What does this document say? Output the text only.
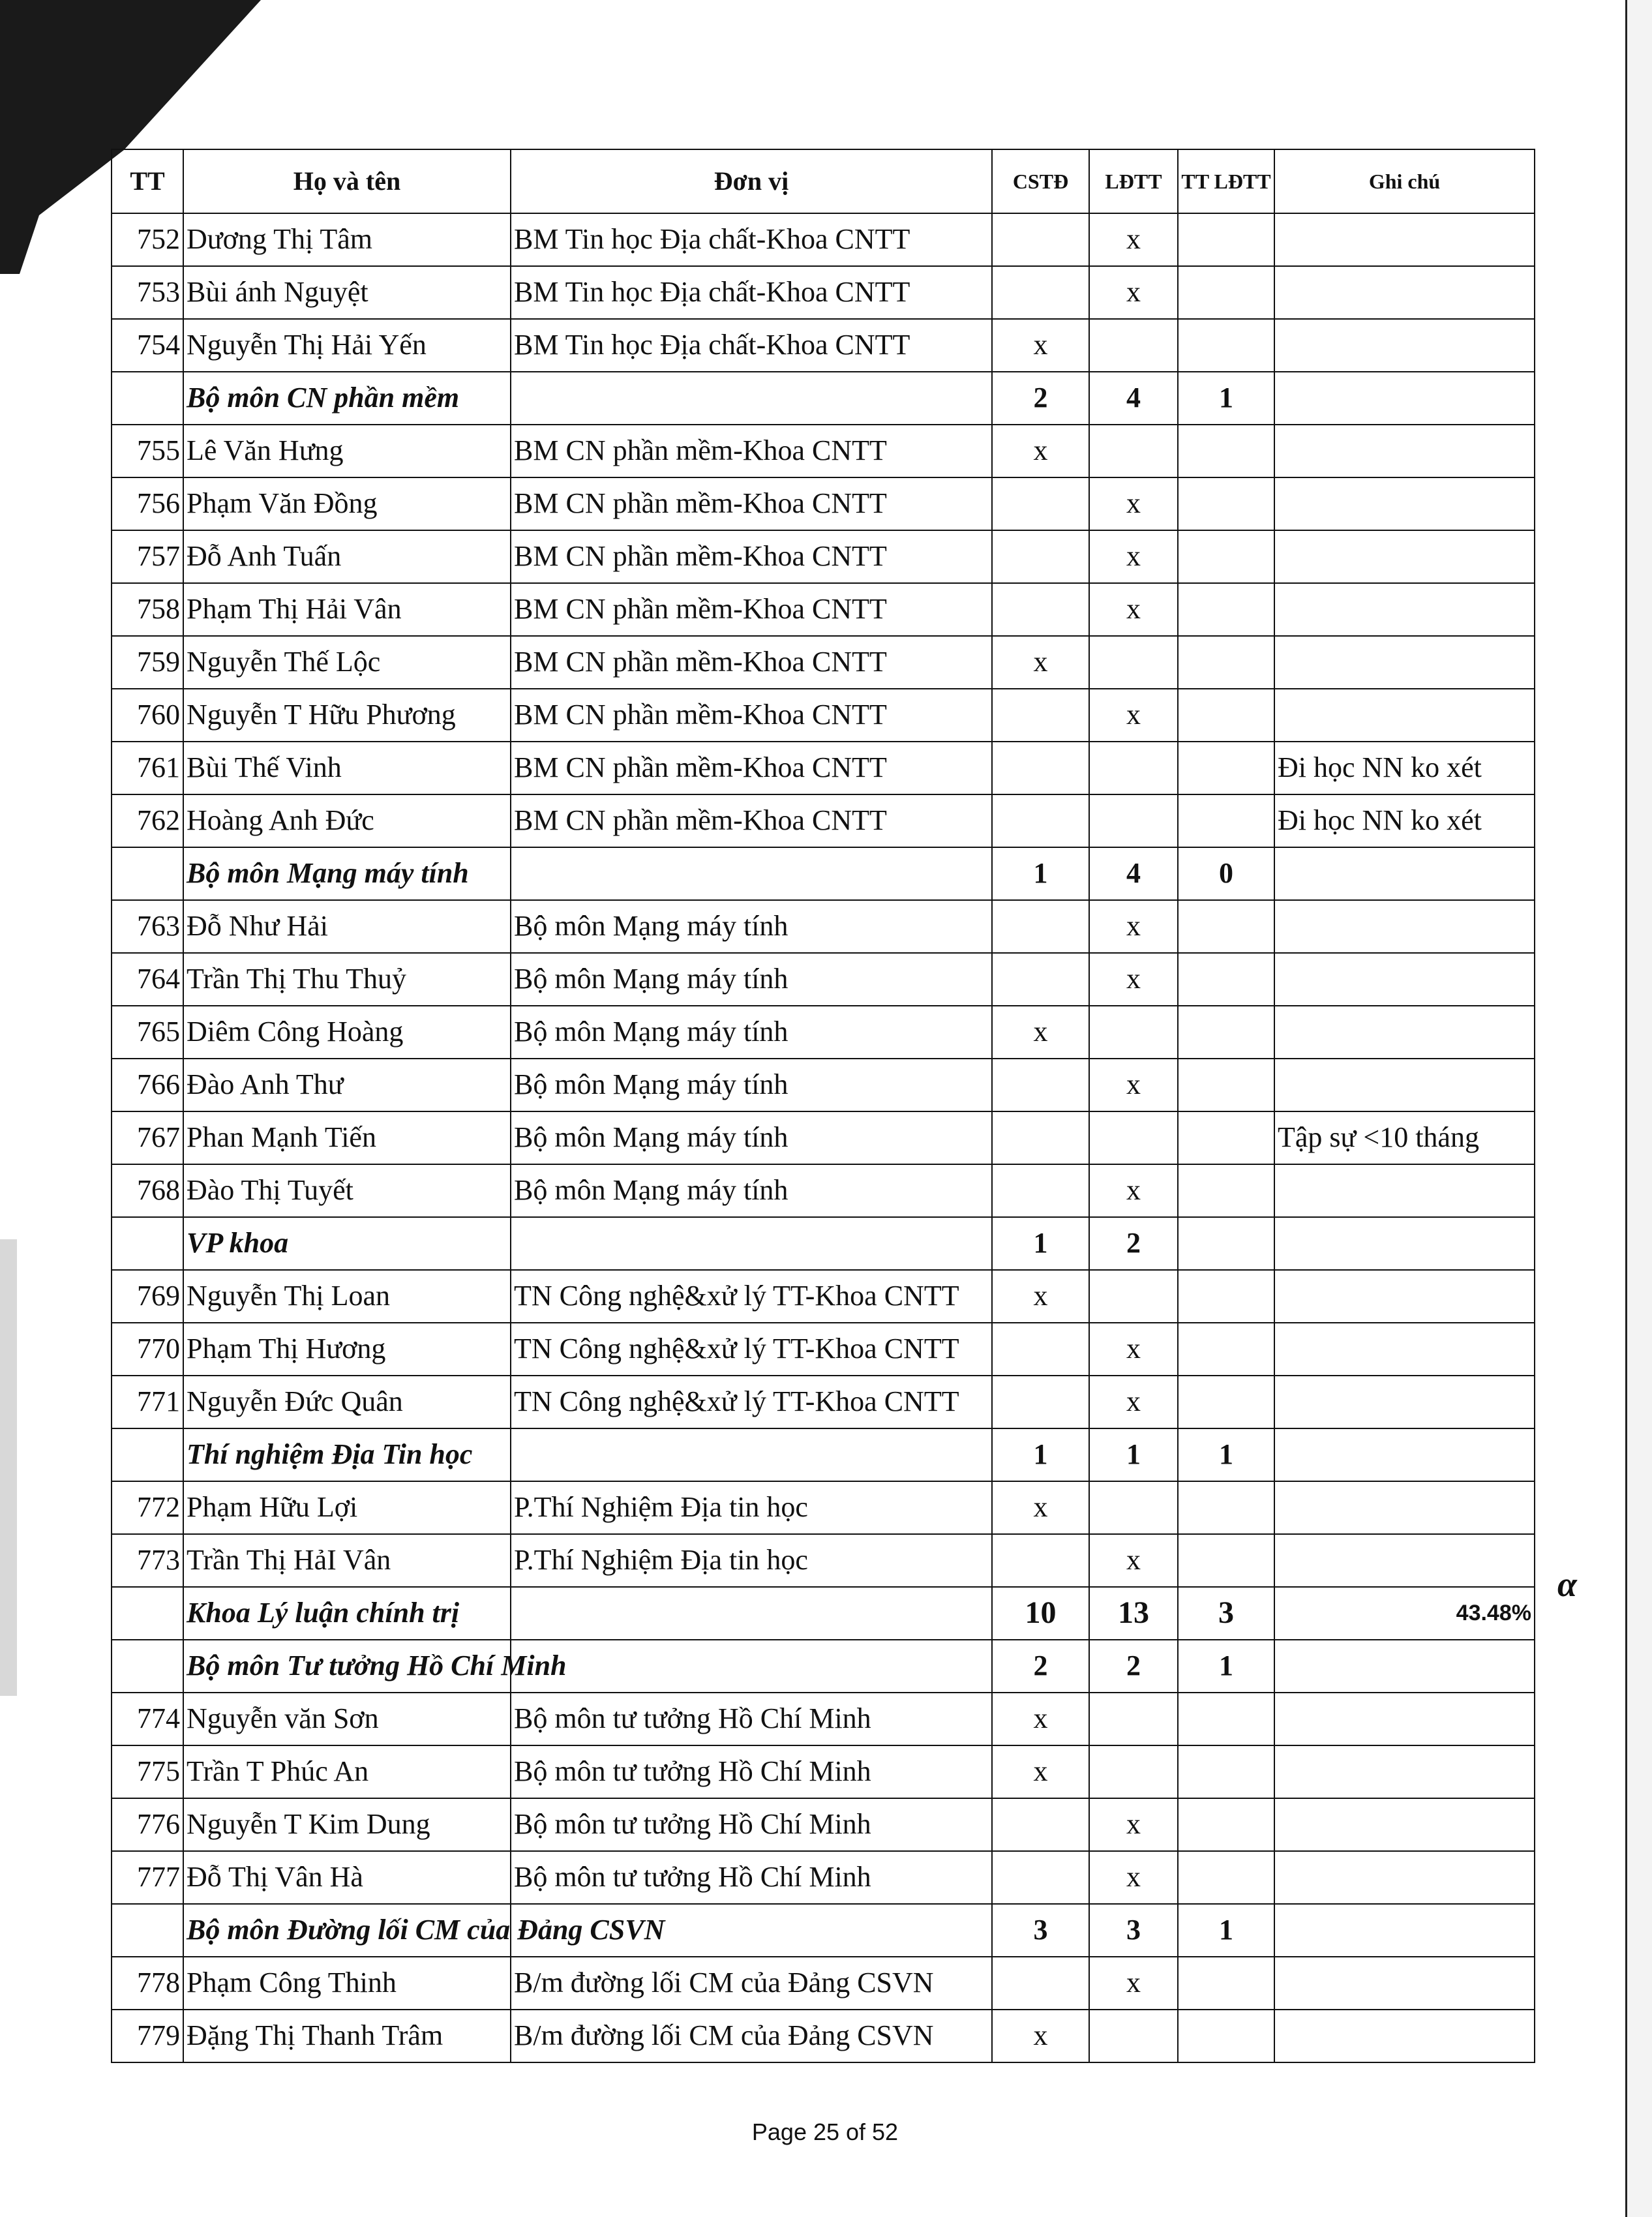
TT	Họ và tên	Đơn vị	CSTĐ	LĐTT	TT LĐTT	Ghi chú
752	Dương Thị Tâm	BM Tin học Địa chất-Khoa CNTT		x		
753	Bùi ánh Nguyệt	BM Tin học Địa chất-Khoa CNTT		x		
754	Nguyễn Thị Hải Yến	BM Tin học Địa chất-Khoa CNTT	x			
	Bộ môn CN phần mềm		2	4	1	
755	Lê Văn Hưng	BM CN phần mềm-Khoa CNTT	x			
756	Phạm Văn Đồng	BM CN phần mềm-Khoa CNTT		x		
757	Đỗ Anh Tuấn	BM CN phần mềm-Khoa CNTT		x		
758	Phạm Thị Hải Vân	BM CN phần mềm-Khoa CNTT		x		
759	Nguyễn Thế Lộc	BM CN phần mềm-Khoa CNTT	x			
760	Nguyễn T Hữu Phương	BM CN phần mềm-Khoa CNTT		x		
761	Bùi Thế Vinh	BM CN phần mềm-Khoa CNTT				Đi học NN ko xét
762	Hoàng Anh Đức	BM CN phần mềm-Khoa CNTT				Đi học NN ko xét
	Bộ môn Mạng máy tính		1	4	0	
763	Đỗ Như Hải	Bộ môn Mạng máy tính		x		
764	Trần Thị Thu Thuỷ	Bộ môn Mạng máy tính		x		
765	Diêm Công Hoàng	Bộ môn Mạng máy tính	x			
766	Đào Anh Thư	Bộ môn Mạng máy tính		x		
767	Phan Mạnh Tiến	Bộ môn Mạng máy tính				Tập sự <10 tháng
768	Đào Thị Tuyết	Bộ môn Mạng máy tính		x		
	VP khoa		1	2		
769	Nguyễn Thị Loan	TN Công nghệ&xử lý TT-Khoa CNTT	x			
770	Phạm Thị Hương	TN Công nghệ&xử lý TT-Khoa CNTT		x		
771	Nguyễn Đức Quân	TN Công nghệ&xử lý TT-Khoa CNTT		x		
	Thí nghiệm Địa Tin học		1	1	1	
772	Phạm Hữu Lợi	P.Thí Nghiệm Địa tin học	x			
773	Trần Thị HảI Vân	P.Thí Nghiệm Địa tin học		x		
	Khoa Lý luận chính trị		10	13	3	43.48%
	Bộ môn Tư tưởng Hồ Chí Minh		2	2	1	
774	Nguyễn văn Sơn	Bộ môn tư tưởng Hồ Chí Minh	x			
775	Trần T Phúc An	Bộ môn tư tưởng Hồ Chí Minh	x			
776	Nguyễn T Kim Dung	Bộ môn tư tưởng Hồ Chí Minh		x		
777	Đỗ Thị Vân Hà	Bộ môn tư tưởng Hồ Chí Minh		x		
	Bộ môn Đường lối CM của Đảng CSVN		3	3	1	
778	Phạm Công Thinh	B/m đường lối CM của Đảng CSVN		x		
779	Đặng Thị Thanh Trâm	B/m đường lối CM của Đảng CSVN	x			
α
Page 25 of 52
